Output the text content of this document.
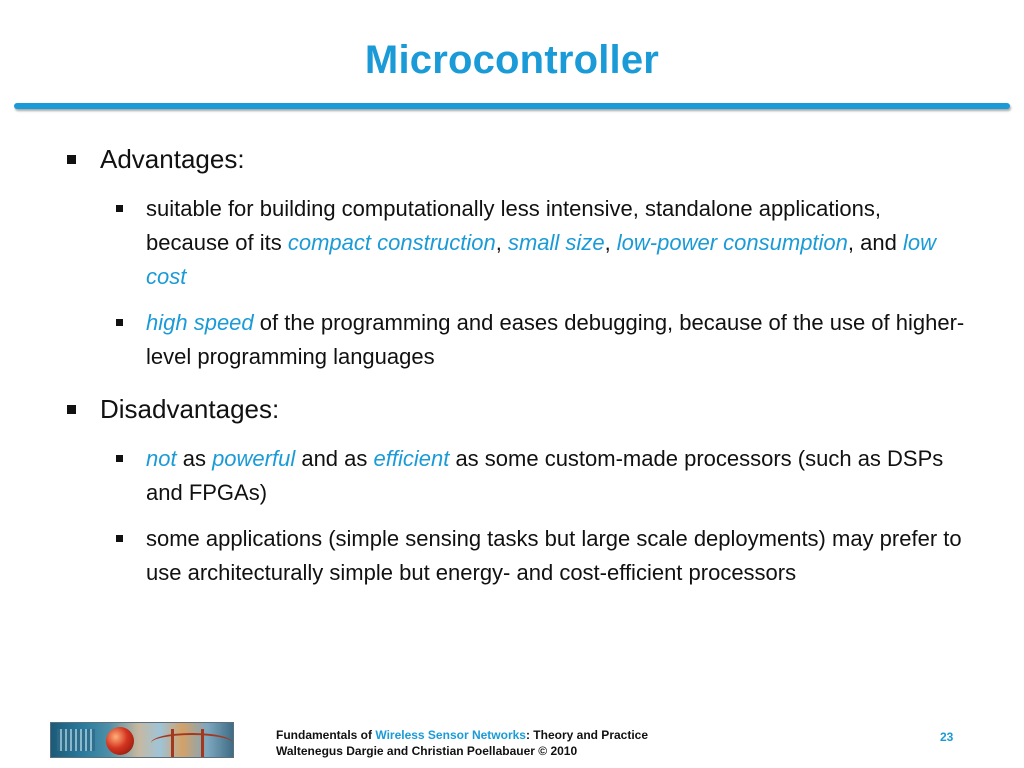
Microcontroller
Advantages:
suitable for building computationally less intensive, standalone applications, because of its compact construction, small size, low-power consumption, and low cost
high speed of the programming and eases debugging, because of the use of higher-level programming languages
Disadvantages:
not as powerful and as efficient as some custom-made processors (such as DSPs and FPGAs)
some applications (simple sensing tasks but large scale deployments) may prefer to use architecturally simple but energy- and cost-efficient processors
Fundamentals of Wireless Sensor Networks: Theory and Practice
Waltenegus Dargie and Christian Poellabauer © 2010
23
